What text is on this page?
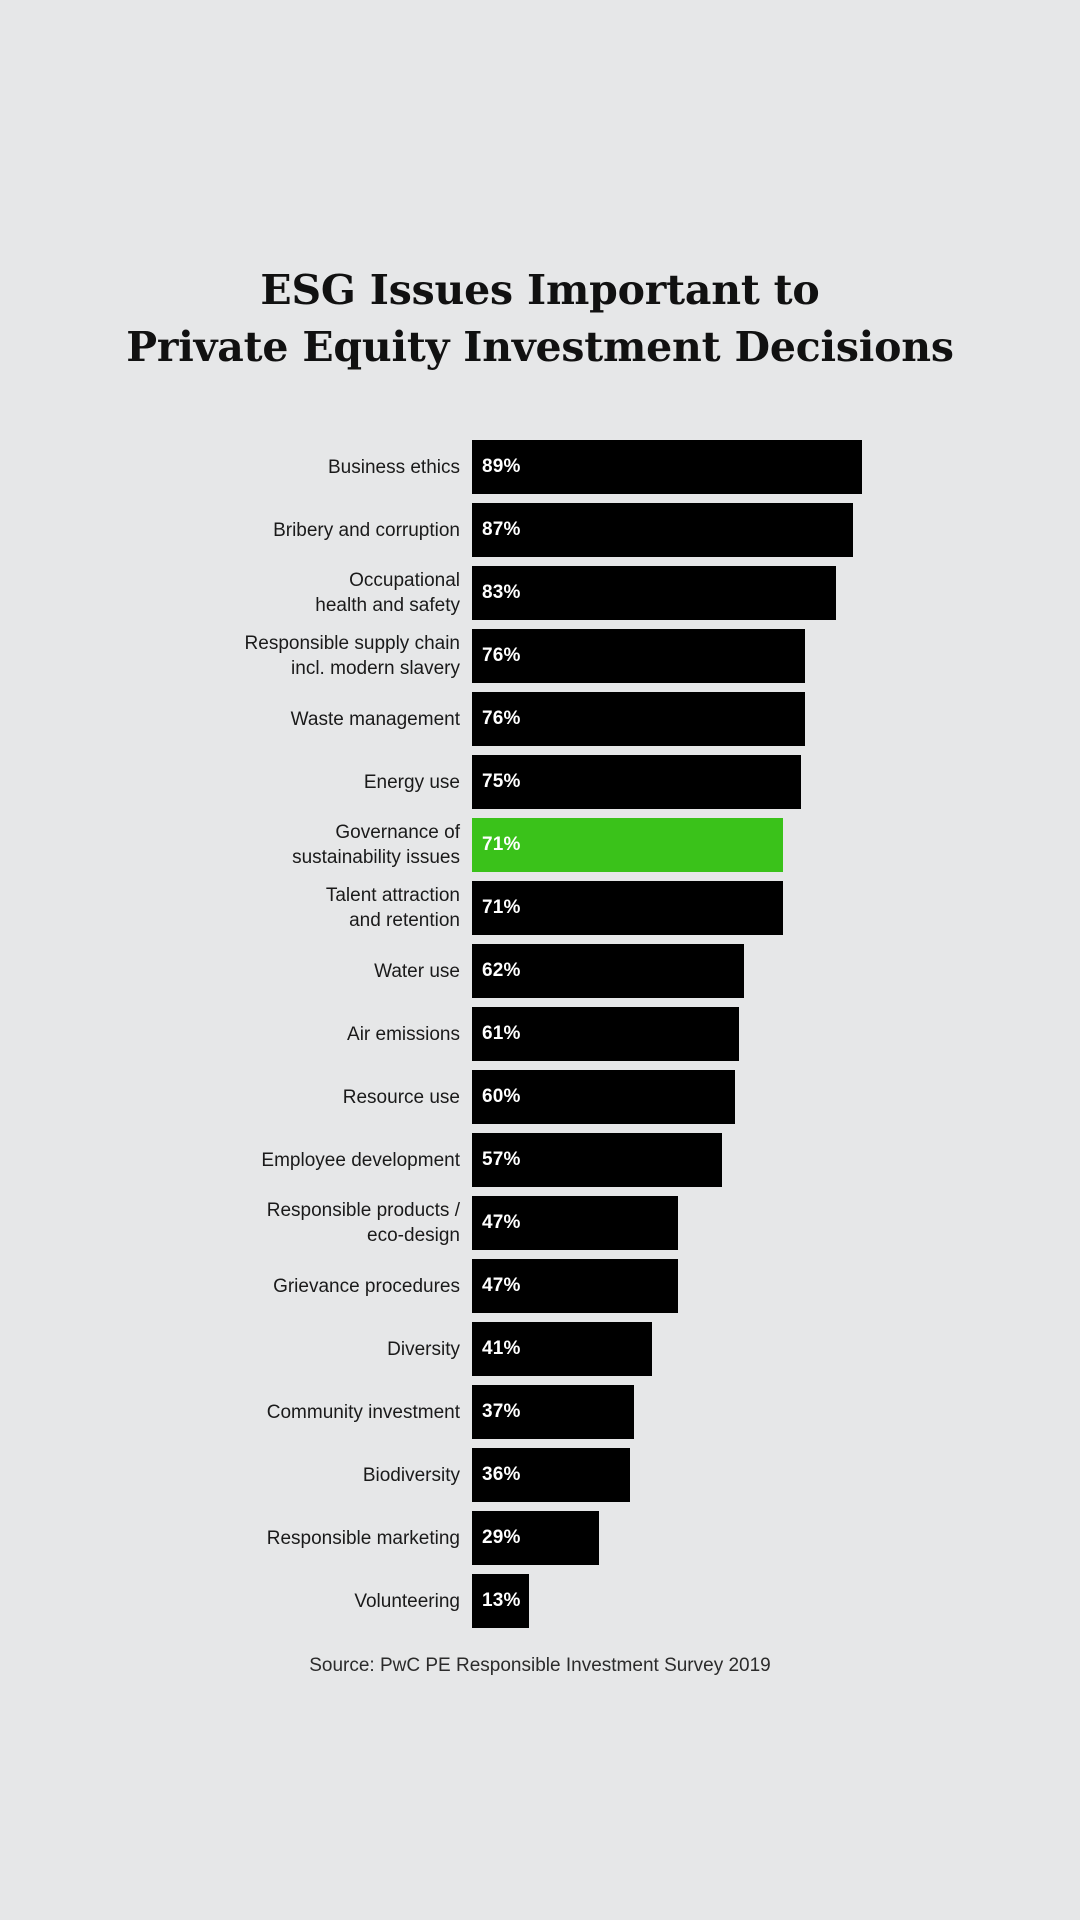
ESG Issues Important to
Private Equity Investment Decisions
Business ethics 89%
Bribery and corruption 87%
Occupational
health and safety
83%
Responsible supply chain
incl. modern slavery
76%
Waste management 76%
Energy use 75%
Governance of
sustainability issues
71%
Talent attraction
and retention
71%
Water use 62%
Air emissions 61%
Resource use 60%
Employee development 57%
Responsible products /
eco-design
47%
Grievance procedures 47%
Diversity 41%
Community investment 37%
Biodiversity 36%
Responsible marketing 29%
Volunteering 13%
Source: PwC PE Responsible Investment Survey 2019
